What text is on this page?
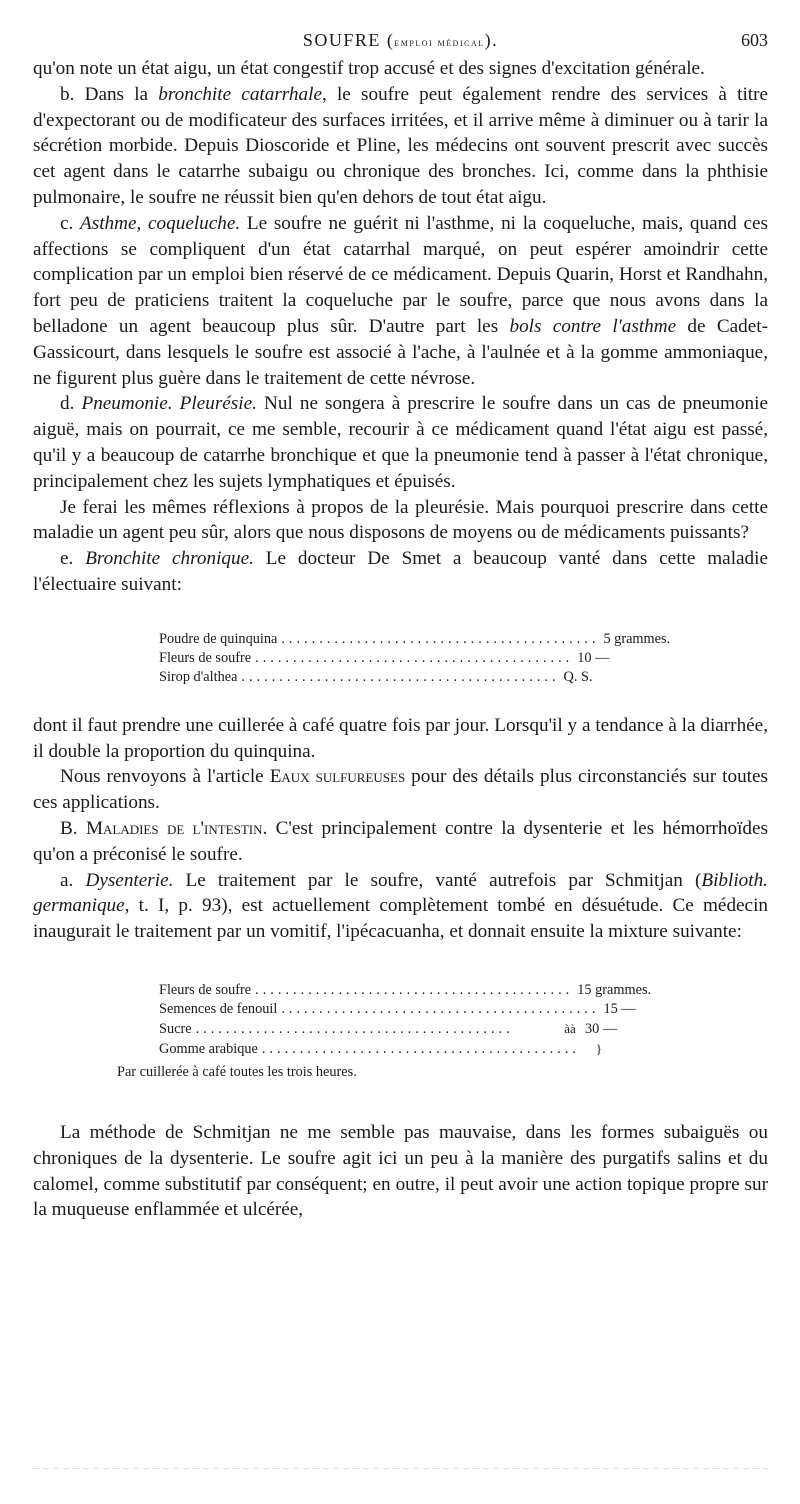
SOUFRE (emploi médical).	603

qu'on note un état aigu, un état congestif trop accusé et des signes d'excitation générale.

b. Dans la bronchite catarrhale, le soufre peut également rendre des services à titre d'expectorant ou de modificateur des surfaces irritées, et il arrive même à diminuer ou à tarir la sécrétion morbide. Depuis Dioscoride et Pline, les médecins ont souvent prescrit avec succès cet agent dans le catarrhe subaigu ou chronique des bronches. Ici, comme dans la phthisie pulmonaire, le soufre ne réussit bien qu'en dehors de tout état aigu.

c. Asthme, coqueluche. Le soufre ne guérit ni l'asthme, ni la coqueluche, mais, quand ces affections se compliquent d'un état catarrhal marqué, on peut espérer amoindrir cette complication par un emploi bien réservé de ce médicament. Depuis Quarin, Horst et Randhahn, fort peu de praticiens traitent la coqueluche par le soufre, parce que nous avons dans la belladone un agent beaucoup plus sûr. D'autre part les bols contre l'asthme de Cadet-Gassicourt, dans lesquels le soufre est associé à l'ache, à l'aulnée et à la gomme ammoniaque, ne figurent plus guère dans le traitement de cette névrose.

d. Pneumonie. Pleurésie. Nul ne songera à prescrire le soufre dans un cas de pneumonie aiguë, mais on pourrait, ce me semble, recourir à ce médicament quand l'état aigu est passé, qu'il y a beaucoup de catarrhe bronchique et que la pneumonie tend à passer à l'état chronique, principalement chez les sujets lymphatiques et épuisés.

Je ferai les mêmes réflexions à propos de la pleurésie. Mais pourquoi prescrire dans cette maladie un agent peu sûr, alors que nous disposons de moyens ou de médicaments puissants?

e. Bronchite chronique. Le docteur De Smet a beaucoup vanté dans cette maladie l'électuaire suivant:

Poudre de quinquina .......................................... 5 grammes.
Fleurs de soufre .......................................... 10 —
Sirop d'althea .......................................... Q. S.

dont il faut prendre une cuillerée à café quatre fois par jour. Lorsqu'il y a tendance à la diarrhée, il double la proportion du quinquina.

Nous renvoyons à l'article Eaux sulfureuses pour des détails plus circonstanciés sur toutes ces applications.

B. Maladies de l'intestin. C'est principalement contre la dysenterie et les hémorrhoïdes qu'on a préconisé le soufre.

a. Dysenterie. Le traitement par le soufre, vanté autrefois par Schmitjan (Biblioth. germanique, t. I, p. 93), est actuellement complètement tombé en désuétude. Ce médecin inaugurait le traitement par un vomitif, l'ipécacuanha, et donnait ensuite la mixture suivante:

Fleurs de soufre .......................................... 15 grammes.
Semences de fenouil .......................................... 15 —
Sucre ..........................................	àà 30 —
Gomme arabique ..........................................	}
Par cuillerée à café toutes les trois heures.

La méthode de Schmitjan ne me semble pas mauvaise, dans les formes subaiguës ou chroniques de la dysenterie. Le soufre agit ici un peu à la manière des purgatifs salins et du calomel, comme substitutif par conséquent; en outre, il peut avoir une action topique propre sur la muqueuse enflammée et ulcérée,
